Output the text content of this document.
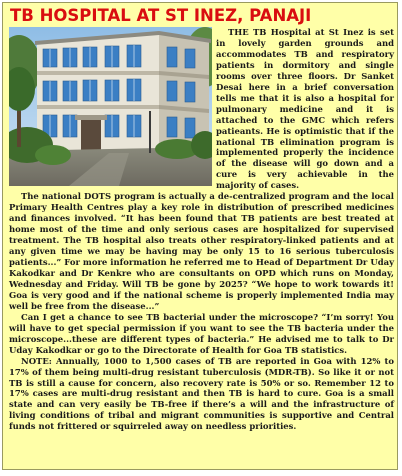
TB HOSPITAL AT ST INEZ, PANAJI

THE TB Hospital at St Inez is set in lovely garden grounds and accommodates TB and respiratory patients in dormitory and single rooms over three floors. Dr Sanket Desai here in a brief conversation tells me that it is also a hospital for pulmonary medicine and it is attached to the GMC which refers patieants. He is optimistic that if the national TB elimination program is implemented properly the incidence of the disease will go down and a cure is very achievable in the majority of cases.

The national DOTS program is actually a de-centralized program and the local Primary Health Centres play a key role in distribution of prescribed medicines and finances involved. “It has been found that TB patients are best treated at home most of the time and only serious cases are hospitalized for supervised treatment. The TB hospital also treats other respiratory-linked patients and at any given time we may be having may be only 15 to 16 serious tuberculosis patients...” For more information he referred me to Head of Department Dr Uday Kakodkar and Dr Kenkre who are consultants on OPD which runs on Monday, Wednesday and Friday. Will TB be gone by 2025? “We hope to work towards it! Goa is very good and if the national scheme is properly implemented India may well be free from the disease...”

Can I get a chance to see TB bacterial under the microscope? “I’m sorry! You will have to get special permission if you want to see the TB bacteria under the microscope...these are different types of bacteria.” He advised me to talk to Dr Uday Kakodkar or go to the Directorate of Health for Goa TB statistics.

NOTE: Annually, 1000 to 1,500 cases of TB are reported in Goa with 12% to 17% of them being multi-drug resistant tuberculosis (MDR-TB). So like it or not TB is still a cause for concern, also recovery rate is 50% or so. Remember 12 to 17% cases are multi-drug resistant and then TB is hard to cure. Goa is a small state and can very easily be TB-free if there’s a will and the infrastructure of living conditions of tribal and migrant communities is supportive and Central funds not frittered or squirreled away on needless priorities.
